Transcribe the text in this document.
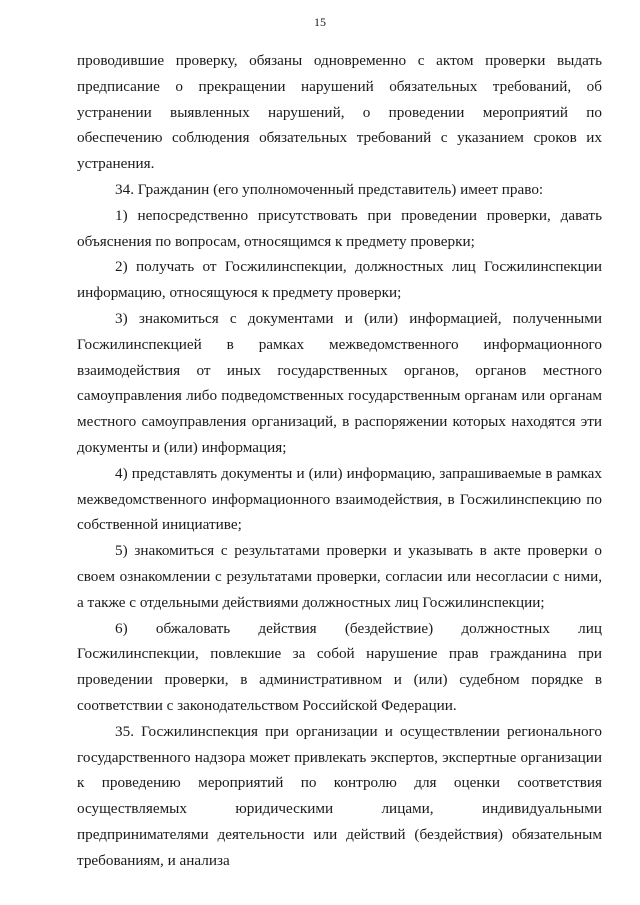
15

проводившие проверку, обязаны одновременно с актом проверки выдать предписание о прекращении нарушений обязательных требований, об устранении выявленных нарушений, о проведении мероприятий по обеспечению соблюдения обязательных требований с указанием сроков их устранения.

34. Гражданин (его уполномоченный представитель) имеет право:

1) непосредственно присутствовать при проведении проверки, давать объяснения по вопросам, относящимся к предмету проверки;

2) получать от Госжилинспекции, должностных лиц Госжилинспекции информацию, относящуюся к предмету проверки;

3) знакомиться с документами и (или) информацией, полученными Госжилинспекцией в рамках межведомственного информационного взаимодействия от иных государственных органов, органов местного самоуправления либо подведомственных государственным органам или органам местного самоуправления организаций, в распоряжении которых находятся эти документы и (или) информация;

4) представлять документы и (или) информацию, запрашиваемые в рамках межведомственного информационного взаимодействия, в Госжилинспекцию по собственной инициативе;

5) знакомиться с результатами проверки и указывать в акте проверки о своем ознакомлении с результатами проверки, согласии или несогласии с ними, а также с отдельными действиями должностных лиц Госжилинспекции;

6) обжаловать действия (бездействие) должностных лиц Госжилинспекции, повлекшие за собой нарушение прав гражданина при проведении проверки, в административном и (или) судебном порядке в соответствии с законодательством Российской Федерации.

35. Госжилинспекция при организации и осуществлении регионального государственного надзора может привлекать экспертов, экспертные организации к проведению мероприятий по контролю для оценки соответствия осуществляемых юридическими лицами, индивидуальными предпринимателями деятельности или действий (бездействия) обязательным требованиям, и анализа
